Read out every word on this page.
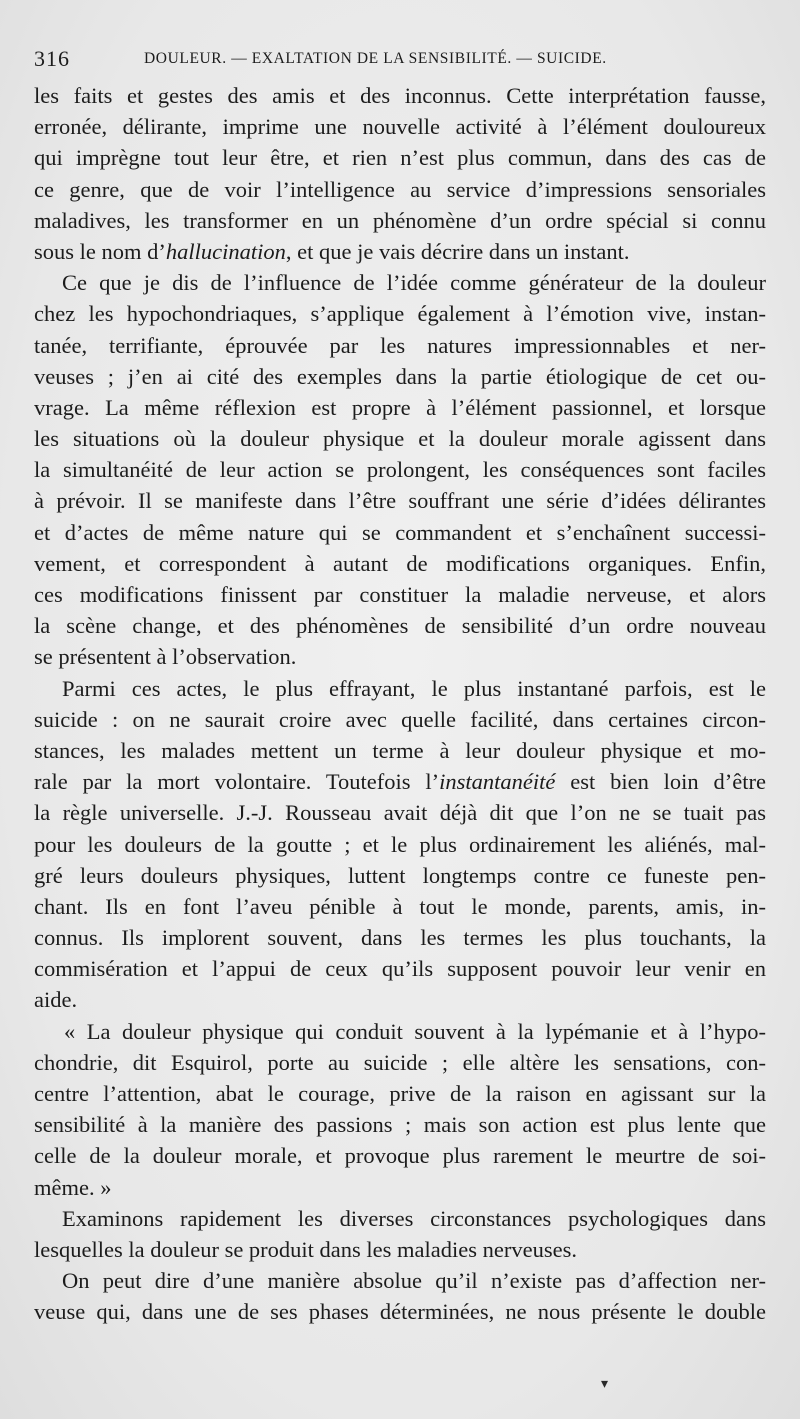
316	DOULEUR. — EXALTATION DE LA SENSIBILITÉ. — SUICIDE.
les faits et gestes des amis et des inconnus. Cette interprétation fausse,
erronée, délirante, imprime une nouvelle activité à l’élément douloureux
qui imprègne tout leur être, et rien n’est plus commun, dans des cas de
ce genre, que de voir l’intelligence au service d’impressions sensoriales
maladives, les transformer en un phénomène d’un ordre spécial si connu
sous le nom d’hallucination, et que je vais décrire dans un instant.
Ce que je dis de l’influence de l’idée comme générateur de la douleur
chez les hypochondriaques, s’applique également à l’émotion vive, instan-
tanée, terrifiante, éprouvée par les natures impressionnables et ner-
veuses ; j’en ai cité des exemples dans la partie étiologique de cet ou-
vrage. La même réflexion est propre à l’élément passionnel, et lorsque
les situations où la douleur physique et la douleur morale agissent dans
la simultanéité de leur action se prolongent, les conséquences sont faciles
à prévoir. Il se manifeste dans l’être souffrant une série d’idées délirantes
et d’actes de même nature qui se commandent et s’enchaînent successi-
vement, et correspondent à autant de modifications organiques. Enfin,
ces modifications finissent par constituer la maladie nerveuse, et alors
la scène change, et des phénomènes de sensibilité d’un ordre nouveau
se présentent à l’observation.
Parmi ces actes, le plus effrayant, le plus instantané parfois, est le
suicide : on ne saurait croire avec quelle facilité, dans certaines circon-
stances, les malades mettent un terme à leur douleur physique et mo-
rale par la mort volontaire. Toutefois l’instantanéité est bien loin d’être
la règle universelle. J.-J. Rousseau avait déjà dit que l’on ne se tuait pas
pour les douleurs de la goutte ; et le plus ordinairement les aliénés, mal-
gré leurs douleurs physiques, luttent longtemps contre ce funeste pen-
chant. Ils en font l’aveu pénible à tout le monde, parents, amis, in-
connus. Ils implorent souvent, dans les termes les plus touchants, la
commisération et l’appui de ceux qu’ils supposent pouvoir leur venir en
aide.
« La douleur physique qui conduit souvent à la lypémanie et à l’hypo-
chondrie, dit Esquirol, porte au suicide ; elle altère les sensations, con-
centre l’attention, abat le courage, prive de la raison en agissant sur la
sensibilité à la manière des passions ; mais son action est plus lente que
celle de la douleur morale, et provoque plus rarement le meurtre de soi-
même. »
Examinons rapidement les diverses circonstances psychologiques dans
lesquelles la douleur se produit dans les maladies nerveuses.
On peut dire d’une manière absolue qu’il n’existe pas d’affection ner-
veuse qui, dans une de ses phases déterminées, ne nous présente le double
▾
